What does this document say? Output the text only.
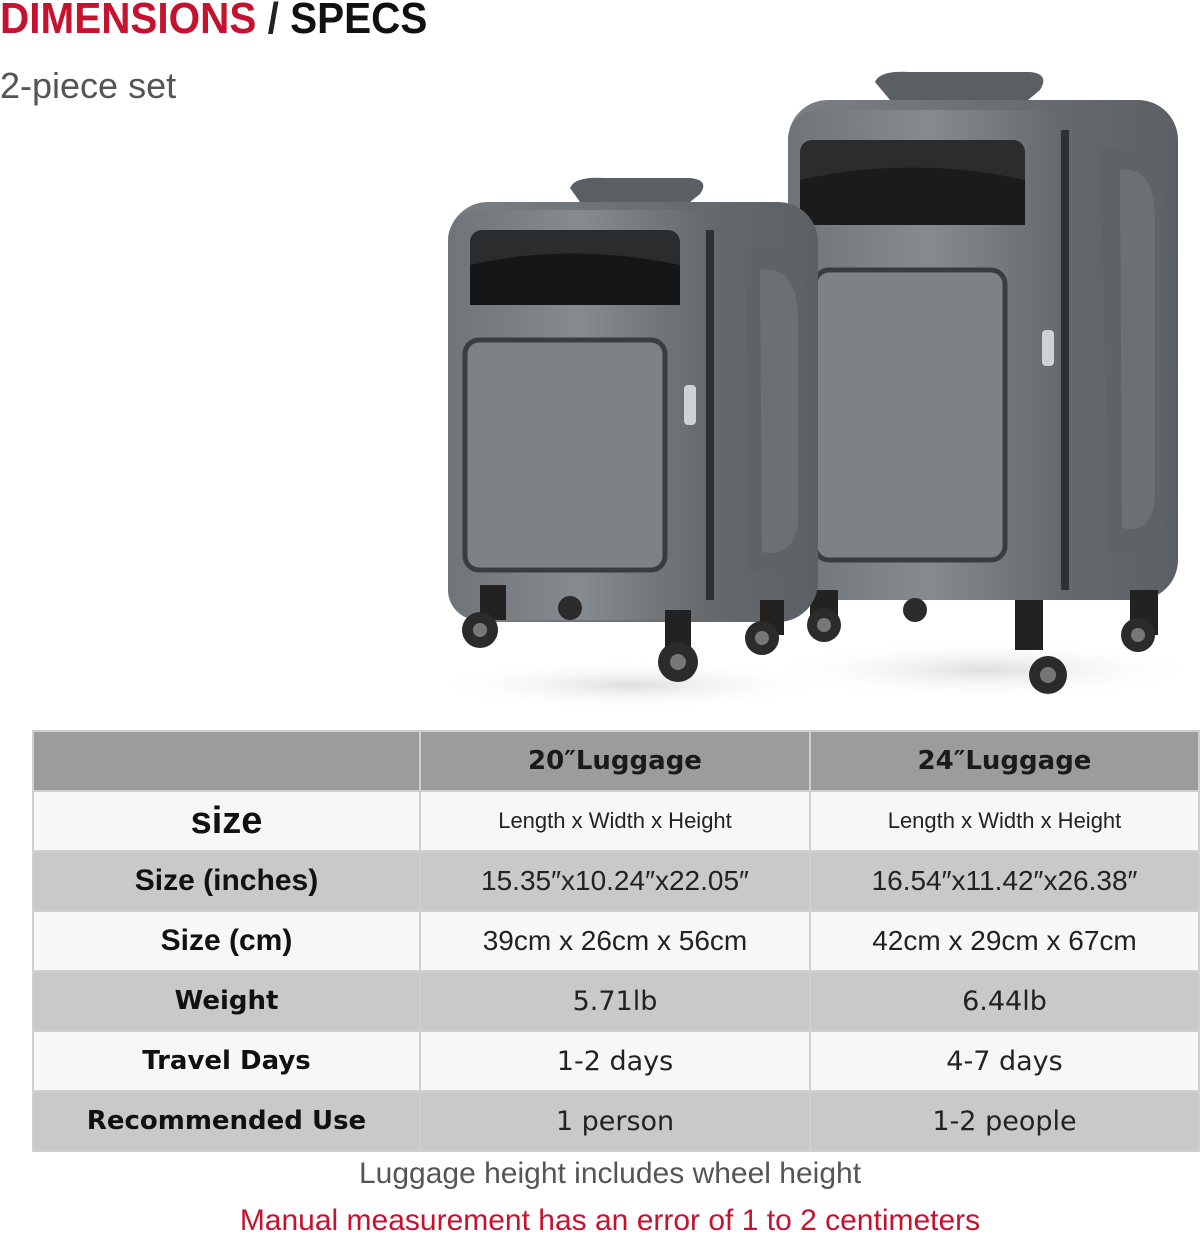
DIMENSIONS / SPECS
2-piece set
	20″Luggage	24″Luggage
size	Length x Width x Height	Length x Width x Height
Size (inches)	15.35″x10.24″x22.05″	16.54″x11.42″x26.38″
Size (cm)	39cm x 26cm x 56cm	42cm x 29cm x 67cm
Weight	5.71lb	6.44lb
Travel Days	1-2 days	4-7 days
Recommended Use	1 person	1-2 people
Luggage height includes wheel height
Manual measurement has an error of 1 to 2 centimeters
